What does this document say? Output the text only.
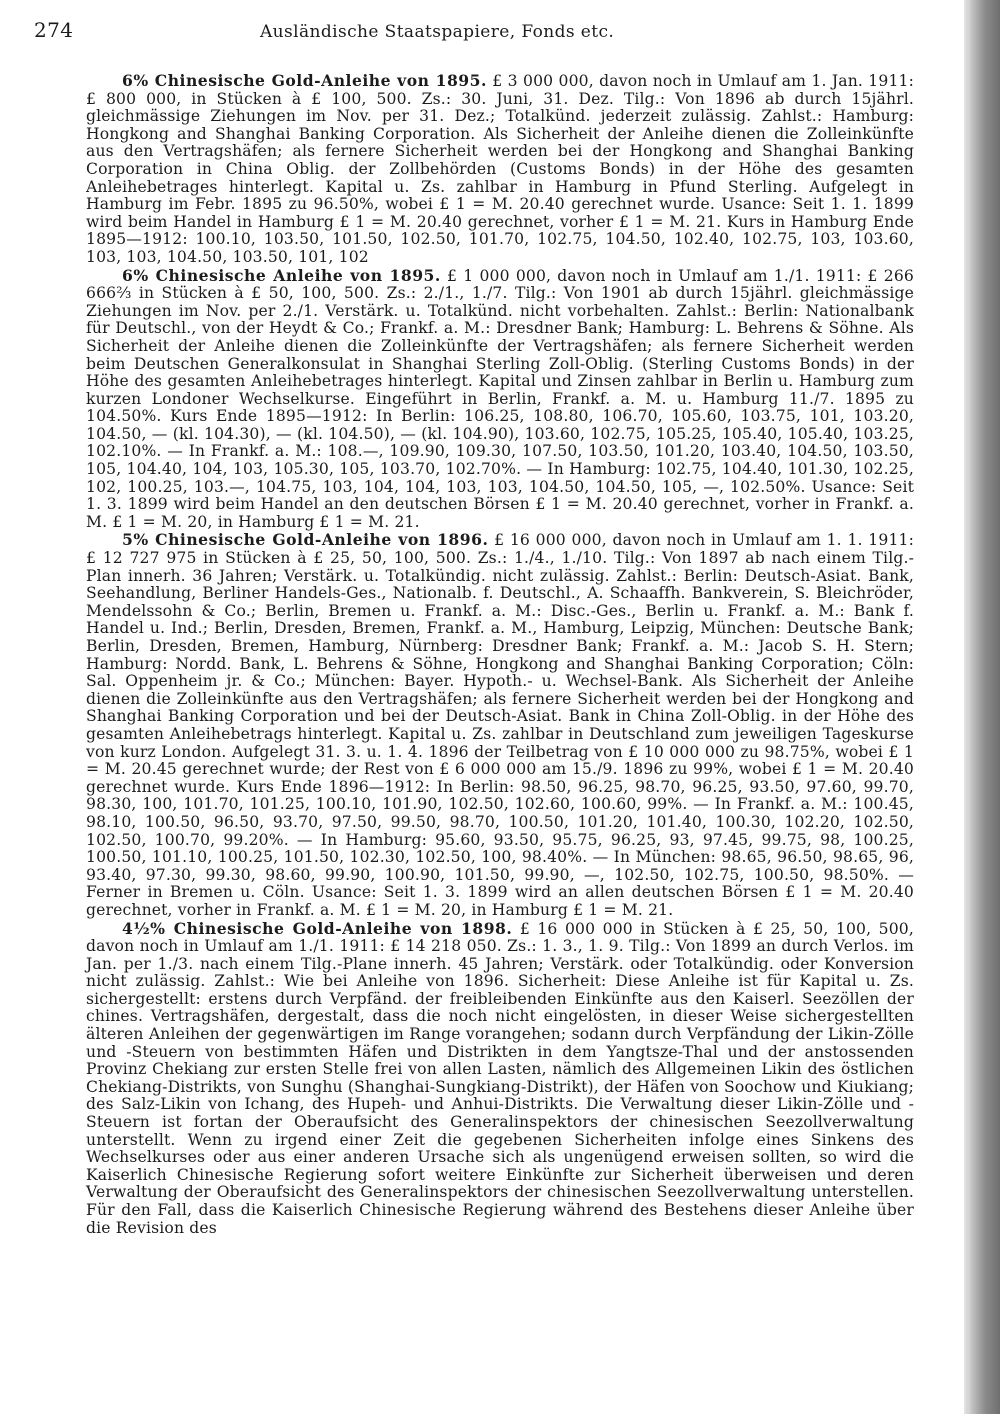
274	Ausländische Staatspapiere, Fonds etc.

6% Chinesische Gold-Anleihe von 1895. £ 3 000 000, davon noch in Umlauf am 1. Jan. 1911: £ 800 000, in Stücken à £ 100, 500. Zs.: 30. Juni, 31. Dez. Tilg.: Von 1896 ab durch 15jährl. gleichmässige Ziehungen im Nov. per 31. Dez.; Totalkünd. jederzeit zulässig. Zahlst.: Hamburg: Hongkong and Shanghai Banking Corporation. Als Sicherheit der Anleihe dienen die Zolleinkünfte aus den Vertragshäfen; als fernere Sicherheit werden bei der Hongkong and Shanghai Banking Corporation in China Oblig. der Zollbehörden (Customs Bonds) in der Höhe des gesamten Anleihebetrages hinterlegt. Kapital u. Zs. zahlbar in Hamburg in Pfund Sterling. Aufgelegt in Hamburg im Febr. 1895 zu 96.50%, wobei £ 1 = M. 20.40 gerechnet wurde. Usance: Seit 1. 1. 1899 wird beim Handel in Hamburg £ 1 = M. 20.40 gerechnet, vorher £ 1 = M. 21. Kurs in Hamburg Ende 1895—1912: 100.10, 103.50, 101.50, 102.50, 101.70, 102.75, 104.50, 102.40, 102.75, 103, 103.60, 103, 103, 104.50, 103.50, 101, 102

6% Chinesische Anleihe von 1895. £ 1 000 000, davon noch in Umlauf am 1./1. 1911: £ 266 666⅔ in Stücken à £ 50, 100, 500. Zs.: 2./1., 1./7. Tilg.: Von 1901 ab durch 15jährl. gleichmässige Ziehungen im Nov. per 2./1. Verstärk. u. Totalkünd. nicht vorbehalten. Zahlst.: Berlin: Nationalbank für Deutschl., von der Heydt & Co.; Frankf. a. M.: Dresdner Bank; Hamburg: L. Behrens & Söhne. Als Sicherheit der Anleihe dienen die Zolleinkünfte der Vertragshäfen; als fernere Sicherheit werden beim Deutschen Generalkonsulat in Shanghai Sterling Zoll-Oblig. (Sterling Customs Bonds) in der Höhe des gesamten Anleihebetrages hinterlegt. Kapital und Zinsen zahlbar in Berlin u. Hamburg zum kurzen Londoner Wechselkurse. Eingeführt in Berlin, Frankf. a. M. u. Hamburg 11./7. 1895 zu 104.50%. Kurs Ende 1895—1912: In Berlin: 106.25, 108.80, 106.70, 105.60, 103.75, 101, 103.20, 104.50, — (kl. 104.30), — (kl. 104.50), — (kl. 104.90), 103.60, 102.75, 105.25, 105.40, 105.40, 103.25, 102.10%. — In Frankf. a. M.: 108.—, 109.90, 109.30, 107.50, 103.50, 101.20, 103.40, 104.50, 103.50, 105, 104.40, 104, 103, 105.30, 105, 103.70, 102.70%. — In Hamburg: 102.75, 104.40, 101.30, 102.25, 102, 100.25, 103.—, 104.75, 103, 104, 104, 103, 103, 104.50, 104.50, 105, —, 102.50%. Usance: Seit 1. 3. 1899 wird beim Handel an den deutschen Börsen £ 1 = M. 20.40 gerechnet, vorher in Frankf. a. M. £ 1 = M. 20, in Hamburg £ 1 = M. 21.

5% Chinesische Gold-Anleihe von 1896. £ 16 000 000, davon noch in Umlauf am 1. 1. 1911: £ 12 727 975 in Stücken à £ 25, 50, 100, 500. Zs.: 1./4., 1./10. Tilg.: Von 1897 ab nach einem Tilg.-Plan innerh. 36 Jahren; Verstärk. u. Totalkündig. nicht zulässig. Zahlst.: Berlin: Deutsch-Asiat. Bank, Seehandlung, Berliner Handels-Ges., Nationalb. f. Deutschl., A. Schaaffh. Bankverein, S. Bleichröder, Mendelssohn & Co.; Berlin, Bremen u. Frankf. a. M.: Disc.-Ges., Berlin u. Frankf. a. M.: Bank f. Handel u. Ind.; Berlin, Dresden, Bremen, Frankf. a. M., Hamburg, Leipzig, München: Deutsche Bank; Berlin, Dresden, Bremen, Hamburg, Nürnberg: Dresdner Bank; Frankf. a. M.: Jacob S. H. Stern; Hamburg: Nordd. Bank, L. Behrens & Söhne, Hongkong and Shanghai Banking Corporation; Cöln: Sal. Oppenheim jr. & Co.; München: Bayer. Hypoth.- u. Wechsel-Bank. Als Sicherheit der Anleihe dienen die Zolleinkünfte aus den Vertragshäfen; als fernere Sicherheit werden bei der Hongkong and Shanghai Banking Corporation und bei der Deutsch-Asiat. Bank in China Zoll-Oblig. in der Höhe des gesamten Anleihebetrags hinterlegt. Kapital u. Zs. zahlbar in Deutschland zum jeweiligen Tageskurse von kurz London. Aufgelegt 31. 3. u. 1. 4. 1896 der Teilbetrag von £ 10 000 000 zu 98.75%, wobei £ 1 = M. 20.45 gerechnet wurde; der Rest von £ 6 000 000 am 15./9. 1896 zu 99%, wobei £ 1 = M. 20.40 gerechnet wurde. Kurs Ende 1896—1912: In Berlin: 98.50, 96.25, 98.70, 96.25, 93.50, 97.60, 99.70, 98.30, 100, 101.70, 101.25, 100.10, 101.90, 102.50, 102.60, 100.60, 99%. — In Frankf. a. M.: 100.45, 98.10, 100.50, 96.50, 93.70, 97.50, 99.50, 98.70, 100.50, 101.20, 101.40, 100.30, 102.20, 102.50, 102.50, 100.70, 99.20%. — In Hamburg: 95.60, 93.50, 95.75, 96.25, 93, 97.45, 99.75, 98, 100.25, 100.50, 101.10, 100.25, 101.50, 102.30, 102.50, 100, 98.40%. — In München: 98.65, 96.50, 98.65, 96, 93.40, 97.30, 99.30, 98.60, 99.90, 100.90, 101.50, 99.90, —, 102.50, 102.75, 100.50, 98.50%. — Ferner in Bremen u. Cöln. Usance: Seit 1. 3. 1899 wird an allen deutschen Börsen £ 1 = M. 20.40 gerechnet, vorher in Frankf. a. M. £ 1 = M. 20, in Hamburg £ 1 = M. 21.

4½% Chinesische Gold-Anleihe von 1898. £ 16 000 000 in Stücken à £ 25, 50, 100, 500, davon noch in Umlauf am 1./1. 1911: £ 14 218 050. Zs.: 1. 3., 1. 9. Tilg.: Von 1899 an durch Verlos. im Jan. per 1./3. nach einem Tilg.-Plane innerh. 45 Jahren; Verstärk. oder Totalkündig. oder Konversion nicht zulässig. Zahlst.: Wie bei Anleihe von 1896. Sicherheit: Diese Anleihe ist für Kapital u. Zs. sichergestellt: erstens durch Verpfänd. der freibleibenden Einkünfte aus den Kaiserl. Seezöllen der chines. Vertragshäfen, dergestalt, dass die noch nicht eingelösten, in dieser Weise sichergestellten älteren Anleihen der gegenwärtigen im Range vorangehen; sodann durch Verpfändung der Likin-Zölle und -Steuern von bestimmten Häfen und Distrikten in dem Yangtsze-Thal und der anstossenden Provinz Chekiang zur ersten Stelle frei von allen Lasten, nämlich des Allgemeinen Likin des östlichen Chekiang-Distrikts, von Sunghu (Shanghai-Sungkiang-Distrikt), der Häfen von Soochow und Kiukiang; des Salz-Likin von Ichang, des Hupeh- und Anhui-Distrikts. Die Verwaltung dieser Likin-Zölle und -Steuern ist fortan der Oberaufsicht des Generalinspektors der chinesischen Seezollverwaltung unterstellt. Wenn zu irgend einer Zeit die gegebenen Sicherheiten infolge eines Sinkens des Wechselkurses oder aus einer anderen Ursache sich als ungenügend erweisen sollten, so wird die Kaiserlich Chinesische Regierung sofort weitere Einkünfte zur Sicherheit überweisen und deren Verwaltung der Oberaufsicht des Generalinspektors der chinesischen Seezollverwaltung unterstellen. Für den Fall, dass die Kaiserlich Chinesische Regierung während des Bestehens dieser Anleihe über die Revision des
